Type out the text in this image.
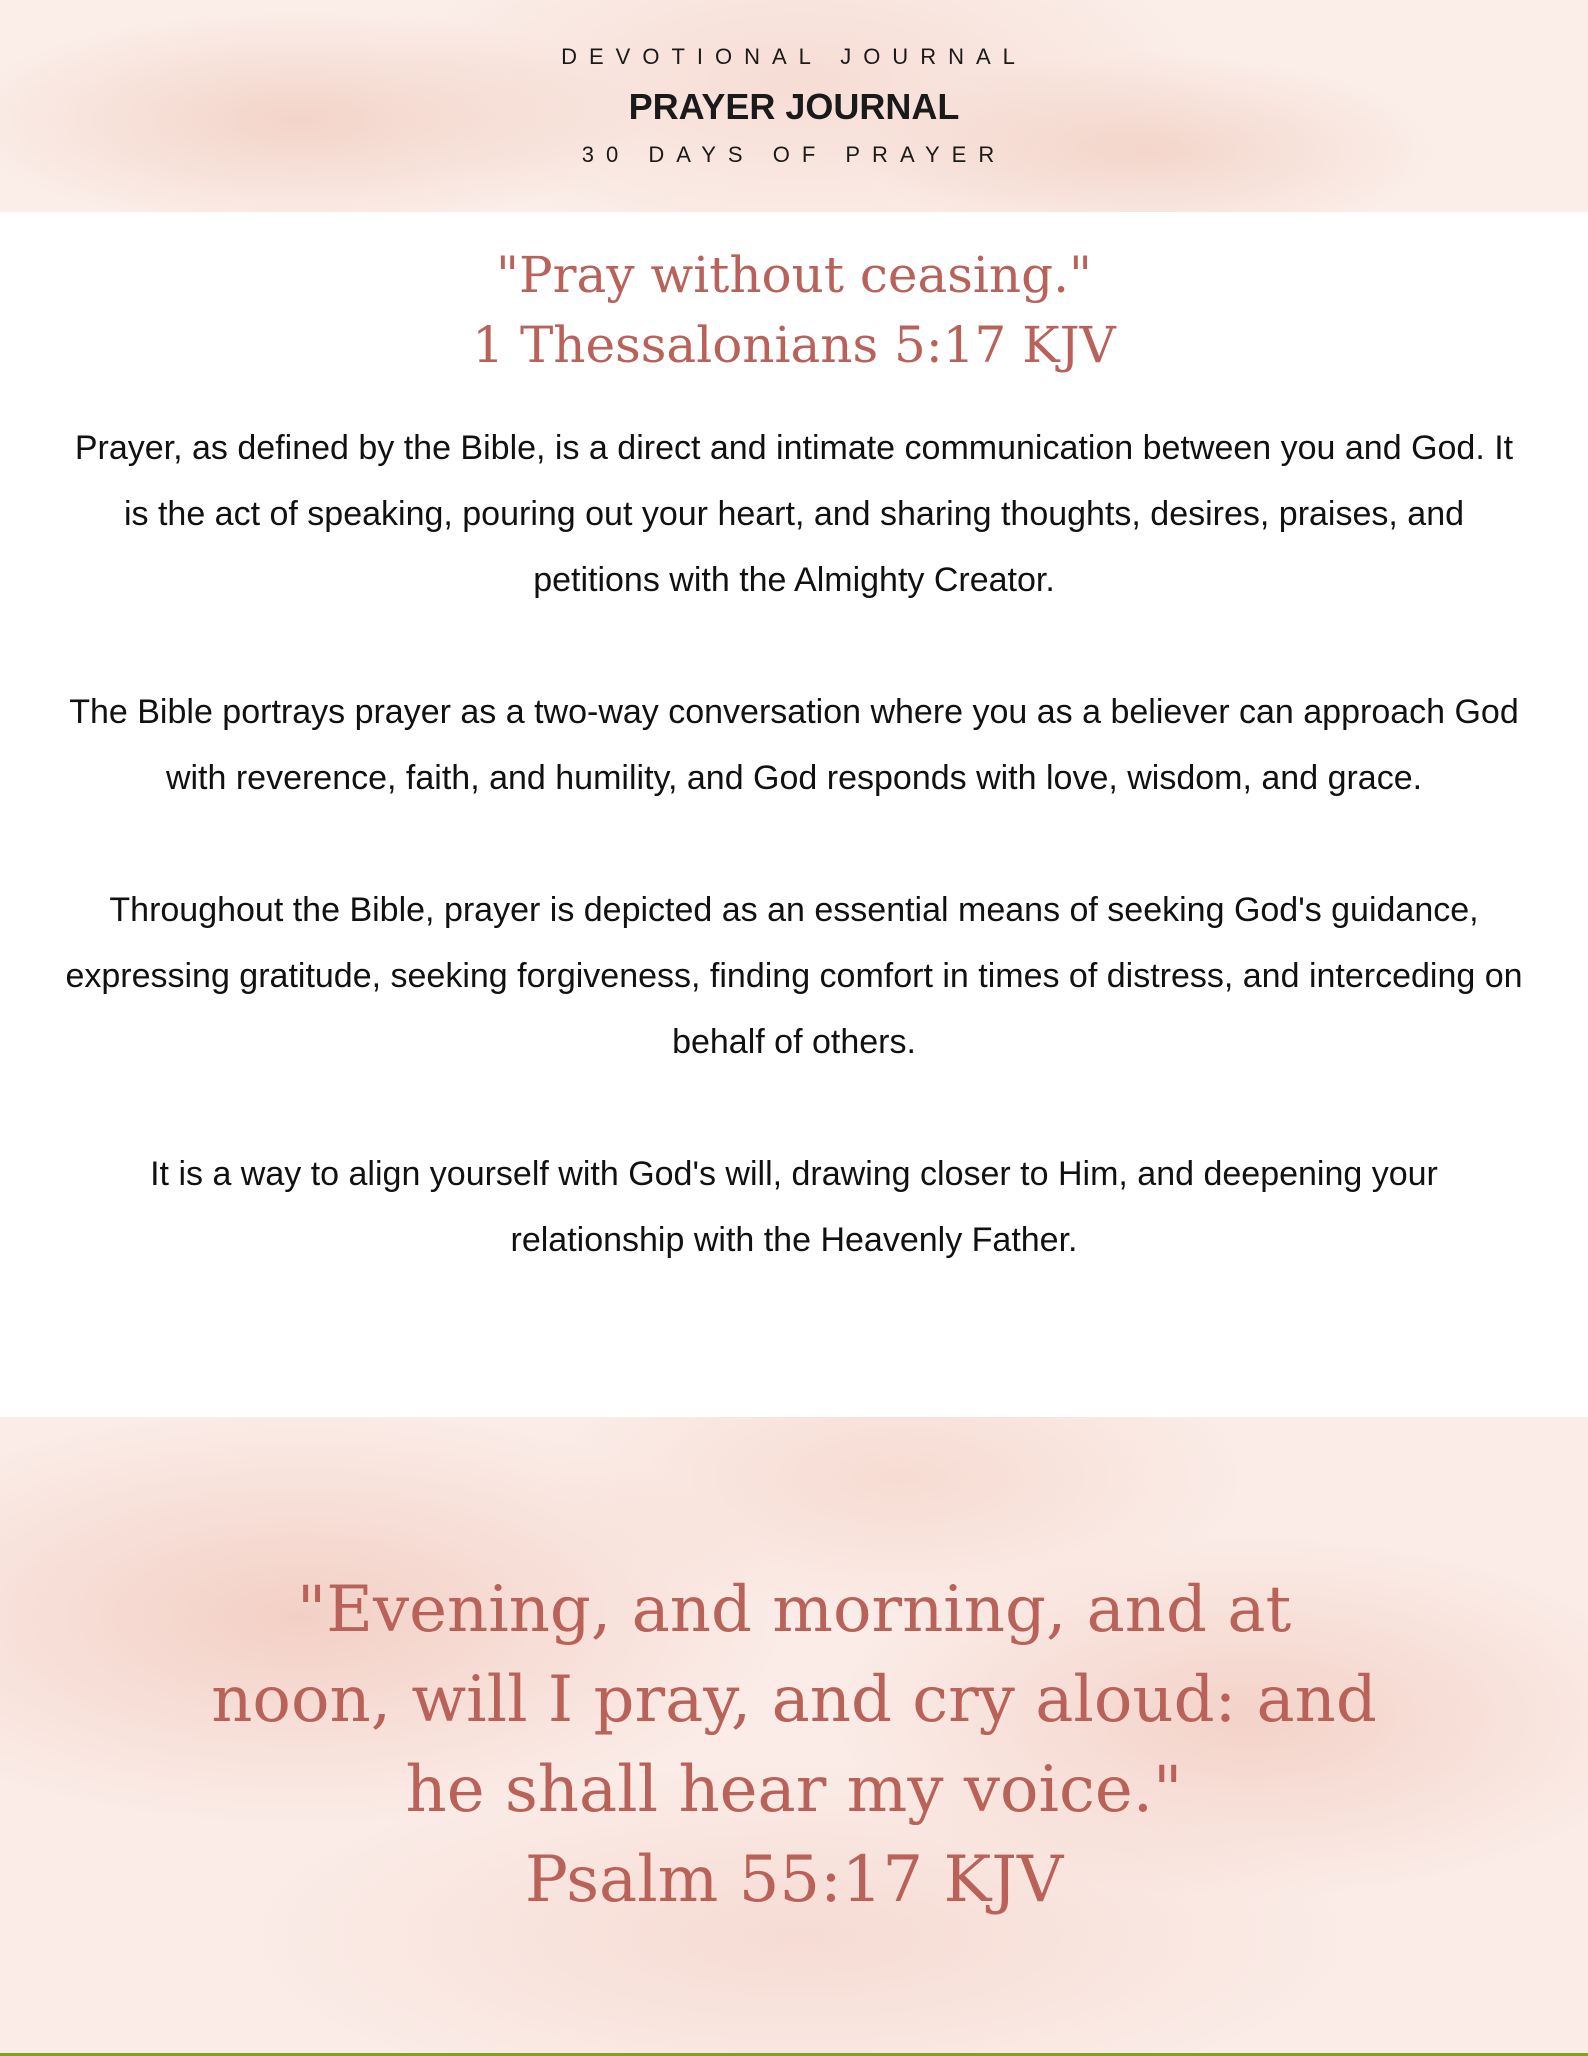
DEVOTIONAL JOURNAL
PRAYER JOURNAL
30 DAYS OF PRAYER
"Pray without ceasing."
1 Thessalonians 5:17 KJV

Prayer, as defined by the Bible, is a direct and intimate communication between you and God. It is the act of speaking, pouring out your heart, and sharing thoughts, desires, praises, and petitions with the Almighty Creator.

The Bible portrays prayer as a two-way conversation where you as a believer can approach God with reverence, faith, and humility, and God responds with love, wisdom, and grace.

Throughout the Bible, prayer is depicted as an essential means of seeking God's guidance, expressing gratitude, seeking forgiveness, finding comfort in times of distress, and interceding on behalf of others.

It is a way to align yourself with God's will, drawing closer to Him, and deepening your relationship with the Heavenly Father.

"Evening, and morning, and at noon, will I pray, and cry aloud: and he shall hear my voice."
Psalm 55:17 KJV
